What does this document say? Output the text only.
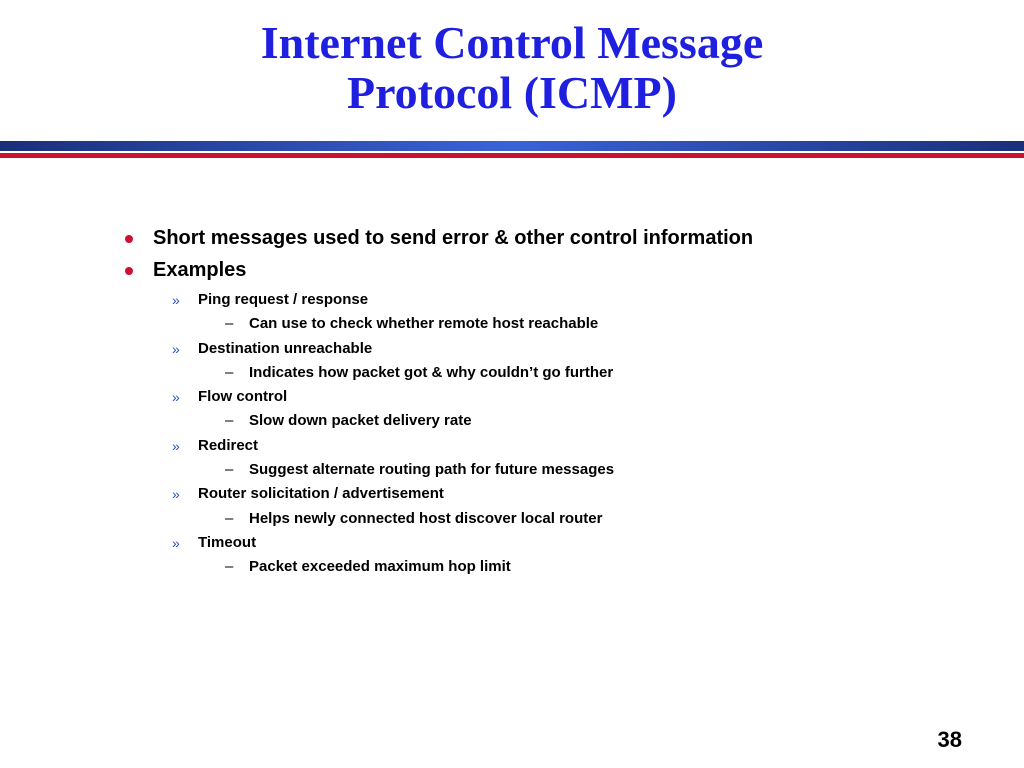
Internet Control Message
Protocol (ICMP)
Short messages used to send error & other control information
Examples
» Ping request / response
– Can use to check whether remote host reachable
» Destination unreachable
– Indicates how packet got & why couldn’t go further
» Flow control
– Slow down packet delivery rate
» Redirect
– Suggest alternate routing path for future messages
» Router solicitation / advertisement
– Helps newly connected host discover local router
» Timeout
– Packet exceeded maximum hop limit
38
